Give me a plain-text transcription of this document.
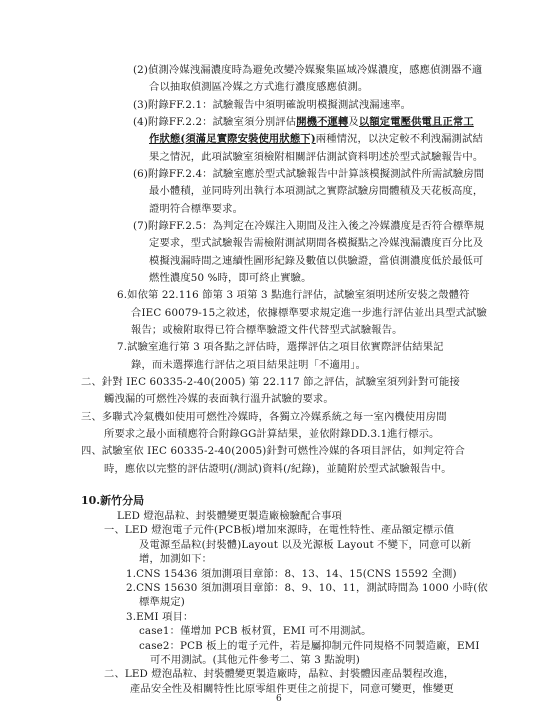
(2)偵測冷媒洩漏濃度時為避免改變冷媒聚集區域冷媒濃度，感應偵測器不適
合以抽取偵測區冷媒之方式進行濃度感應偵測。
(3)附錄FF.2.1：試驗報告中須明確說明模擬測試洩漏速率。
(4)附錄FF.2.2：試驗室須分別評估開機不運轉及以額定電壓供電且正常工
作狀態(須滿足實際安裝使用狀態下)兩種情況，以決定較不利洩漏測試結
果之情況，此項試驗室須檢附相關評估測試資料明述於型式試驗報告中。
(6)附錄FF.2.4：試驗室應於型式試驗報告中計算該模擬測試件所需試驗房間
最小體積，並同時列出執行本項測試之實際試驗房間體積及天花板高度，
證明符合標準要求。
(7)附錄FF.2.5：為判定在冷媒注入期間及注入後之冷媒濃度是否符合標準規
定要求，型式試驗報告需檢附測試期間各模擬點之冷媒洩漏濃度百分比及
模擬洩漏時間之連續性圖形紀錄及數值以供驗證，當偵測濃度低於最低可
燃性濃度50 %時，即可終止實驗。
6.如依第 22.116 節第 3 項第 3 點進行評估，試驗室須明述所安裝之殼體符
合IEC 60079-15之敘述，依據標準要求規定進一步進行評估並出具型式試驗
報告；或檢附取得已符合標準驗證文件代替型式試驗報告。
7.試驗室進行第 3 項各點之評估時，選擇評估之項目依實際評估結果記
錄，而未選擇進行評估之項目結果註明「不適用」。
二、針對 IEC 60335-2-40(2005) 第 22.117 節之評估，試驗室須列針對可能接
觸洩漏的可燃性冷媒的表面執行溫升試驗的要求。
三、多聯式冷氣機如使用可燃性冷媒時，各獨立冷媒系統之每一室內機使用房間
所要求之最小面積應符合附錄GG計算結果，並依附錄DD.3.1進行標示。
四、試驗室依 IEC 60335-2-40(2005)針對可燃性冷媒的各項目評估，如判定符合
時，應依以完整的評估證明(/測試)資料(/紀錄)，並隨附於型式試驗報告中。
10.新竹分局
LED 燈泡晶粒、封裝體變更製造廠檢驗配合事項
一、LED 燈泡電子元件(PCB板)增加來源時，在電性特性、產品額定標示值
及電源至晶粒(封裝體)Layout 以及光源板 Layout 不變下，同意可以新
增，加測如下：
1.CNS 15436 須加測項目章節：8、13、14、15(CNS 15592 全測)
2.CNS 15630 須加測項目章節：8、9、10、11，測試時間為 1000 小時(依
標準規定)
3.EMI 項目：
case1：僅增加 PCB 板材質，EMI 可不用測試。
case2：PCB 板上的電子元件，若是屬抑制元件同規格不同製造廠，EMI
可不用測試。(其他元件參考二、第 3 點說明)
二、LED 燈泡晶粒、封裝體變更製造廠時，晶粒、封裝體因產品製程改進，
產品安全性及相關特性比原零組件更佳之前提下，同意可變更，惟變更
6
